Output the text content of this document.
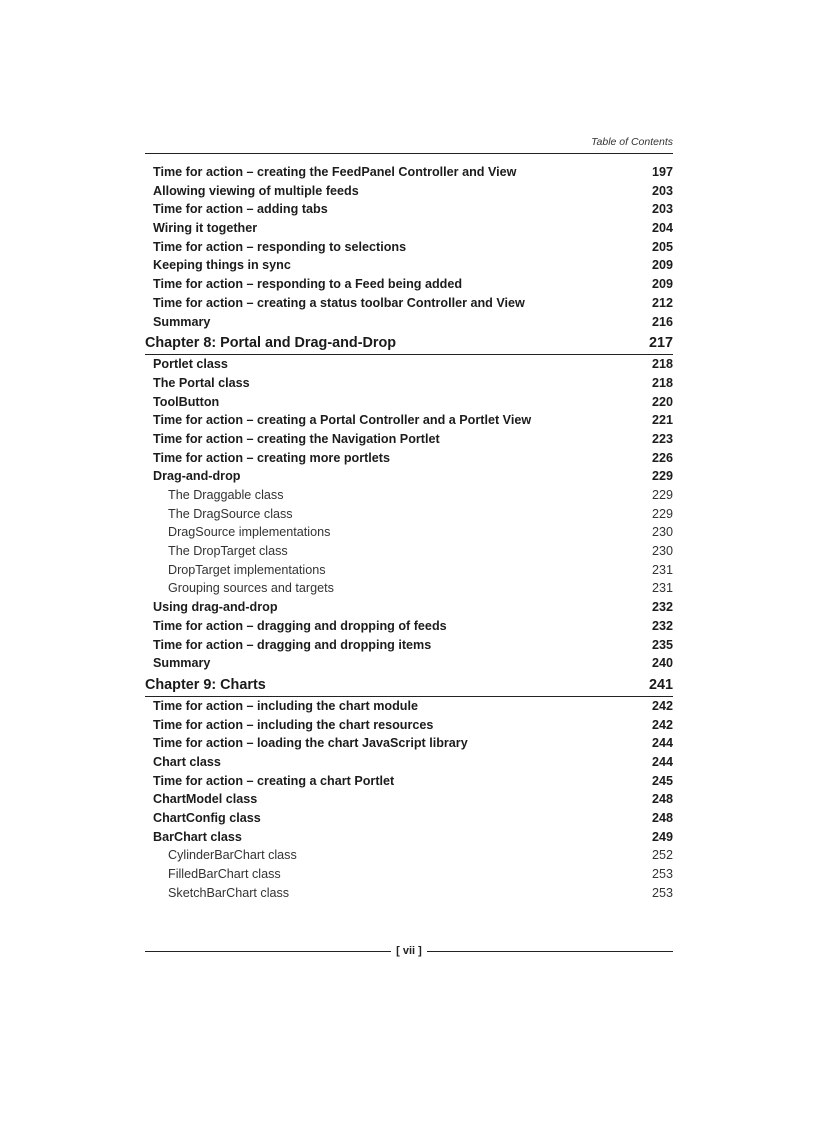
Table of Contents
Time for action – creating the FeedPanel Controller and View	197
Allowing viewing of multiple feeds	203
Time for action – adding tabs	203
Wiring it together	204
Time for action – responding to selections	205
Keeping things in sync	209
Time for action – responding to a Feed being added	209
Time for action – creating a status toolbar Controller and View	212
Summary	216
Chapter 8: Portal and Drag-and-Drop	217
Portlet class	218
The Portal class	218
ToolButton	220
Time for action – creating a Portal Controller and a Portlet View	221
Time for action – creating the Navigation Portlet	223
Time for action – creating more portlets	226
Drag-and-drop	229
The Draggable class	229
The DragSource class	229
DragSource implementations	230
The DropTarget class	230
DropTarget implementations	231
Grouping sources and targets	231
Using drag-and-drop	232
Time for action – dragging and dropping of feeds	232
Time for action – dragging and dropping items	235
Summary	240
Chapter 9: Charts	241
Time for action – including the chart module	242
Time for action – including the chart resources	242
Time for action – loading the chart JavaScript library	244
Chart class	244
Time for action – creating a chart Portlet	245
ChartModel class	248
ChartConfig class	248
BarChart class	249
CylinderBarChart class	252
FilledBarChart class	253
SketchBarChart class	253
[ vii ]
